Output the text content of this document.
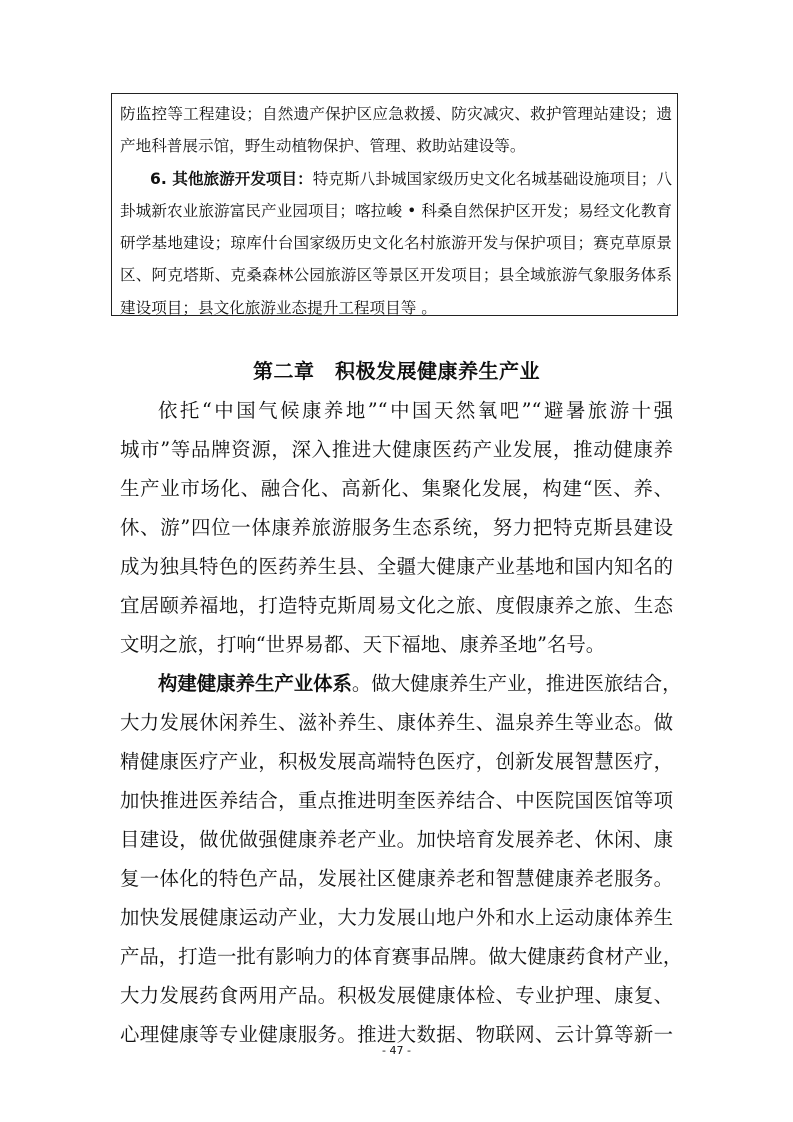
防监控等工程建设；自然遗产保护区应急救援、防灾减灾、救护管理站建设；遗
产地科普展示馆，野生动植物保护、管理、救助站建设等。
6. 其他旅游开发项目：特克斯八卦城国家级历史文化名城基础设施项目；八
卦城新农业旅游富民产业园项目；喀拉峻 • 科桑自然保护区开发；易经文化教育
研学基地建设；琼库什台国家级历史文化名村旅游开发与保护项目；赛克草原景
区、阿克塔斯、克桑森林公园旅游区等景区开发项目；县全域旅游气象服务体系
建设项目；县文化旅游业态提升工程项目等 。
第二章　积极发展健康养生产业
依托“中国气候康养地”“中国天然氧吧”“避暑旅游十强
城市”等品牌资源，深入推进大健康医药产业发展，推动健康养
生产业市场化、融合化、高新化、集聚化发展，构建“医、养、
休、游”四位一体康养旅游服务生态系统，努力把特克斯县建设
成为独具特色的医药养生县、全疆大健康产业基地和国内知名的
宜居颐养福地，打造特克斯周易文化之旅、度假康养之旅、生态
文明之旅，打响“世界易都、天下福地、康养圣地”名号。
构建健康养生产业体系。做大健康养生产业，推进医旅结合，
大力发展休闲养生、滋补养生、康体养生、温泉养生等业态。做
精健康医疗产业，积极发展高端特色医疗，创新发展智慧医疗，
加快推进医养结合，重点推进明奎医养结合、中医院国医馆等项
目建设，做优做强健康养老产业。加快培育发展养老、休闲、康
复一体化的特色产品，发展社区健康养老和智慧健康养老服务。
加快发展健康运动产业，大力发展山地户外和水上运动康体养生
产品，打造一批有影响力的体育赛事品牌。做大健康药食材产业，
大力发展药食两用产品。积极发展健康体检、专业护理、康复、
心理健康等专业健康服务。推进大数据、物联网、云计算等新一
- 47 -
